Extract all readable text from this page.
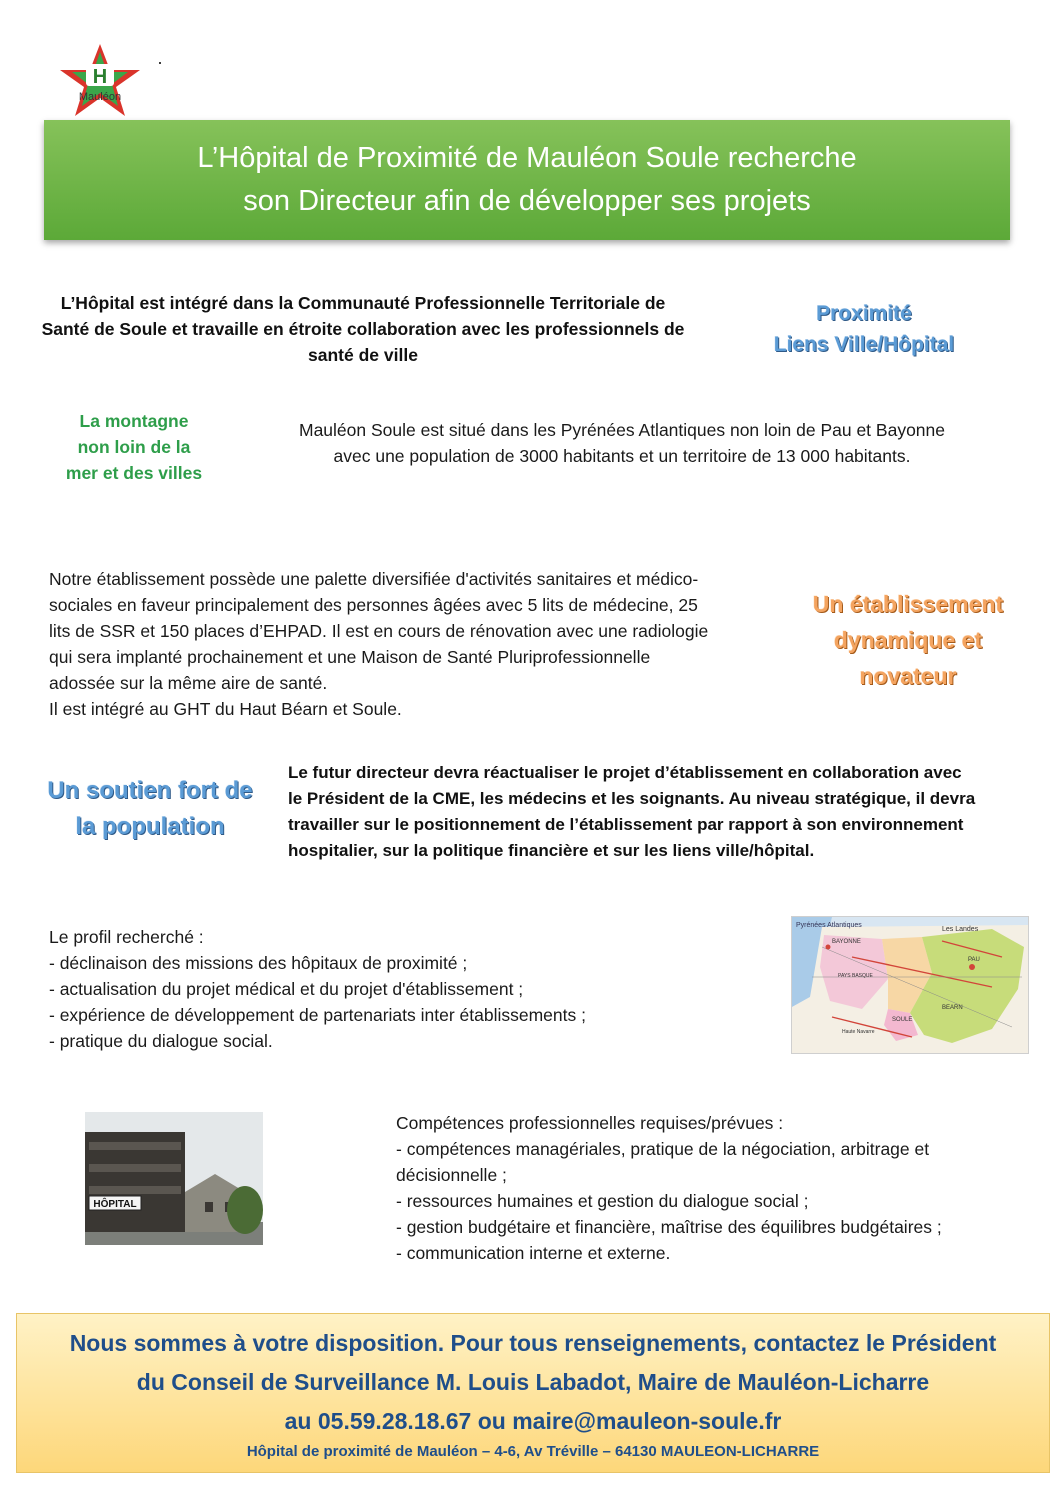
H
Mauléon
·
L’Hôpital de Proximité de Mauléon Soule recherche
son Directeur afin de développer ses projets
L’Hôpital est intégré dans la Communauté Professionnelle Territoriale de
Santé de Soule et travaille en étroite collaboration avec les professionnels de
santé de ville
Proximité
Liens Ville/Hôpital
La montagne
non loin de la
mer et des villes
Mauléon Soule est situé dans les Pyrénées Atlantiques non loin de Pau et Bayonne
avec une population de 3000 habitants et un territoire de 13 000 habitants.
Notre établissement possède une palette diversifiée d'activités sanitaires et médico-
sociales en faveur principalement des personnes âgées avec 5 lits de médecine, 25
lits de SSR et 150 places d’EHPAD. Il est en cours de rénovation avec une radiologie
qui sera implanté prochainement et une Maison de Santé Pluriprofessionnelle
adossée sur la même aire de santé.
Il est intégré au GHT du Haut Béarn et Soule.
Un établissement
dynamique et
novateur
Un soutien fort de
la population
Le futur directeur devra réactualiser le projet d’établissement en collaboration avec
le Président de la CME, les médecins et les soignants. Au niveau stratégique, il devra
travailler sur le positionnement de l’établissement par rapport à son environnement
hospitalier, sur la politique financière et sur les liens ville/hôpital.
Le profil recherché :
- déclinaison des missions des hôpitaux de proximité ;
- actualisation du projet médical et du projet d'établissement ;
- expérience de développement de partenariats inter établissements ;
- pratique du dialogue social.
Pyrénées Atlantiques
Les Landes
BAYONNE
SOULE
PAU
BEARN
PAYS BASQUE
Haute Navarre
HÔPITAL
Compétences professionnelles requises/prévues :
- compétences managériales, pratique de la négociation, arbitrage et
décisionnelle ;
- ressources humaines et gestion du dialogue social ;
- gestion budgétaire et financière, maîtrise des équilibres budgétaires ;
- communication interne et externe.
Nous sommes à votre disposition. Pour tous renseignements, contactez le Président
du Conseil de Surveillance M. Louis Labadot, Maire de Mauléon-Licharre
au 05.59.28.18.67 ou maire@mauleon-soule.fr
Hôpital de proximité de Mauléon – 4-6, Av Tréville – 64130 MAULEON-LICHARRE
